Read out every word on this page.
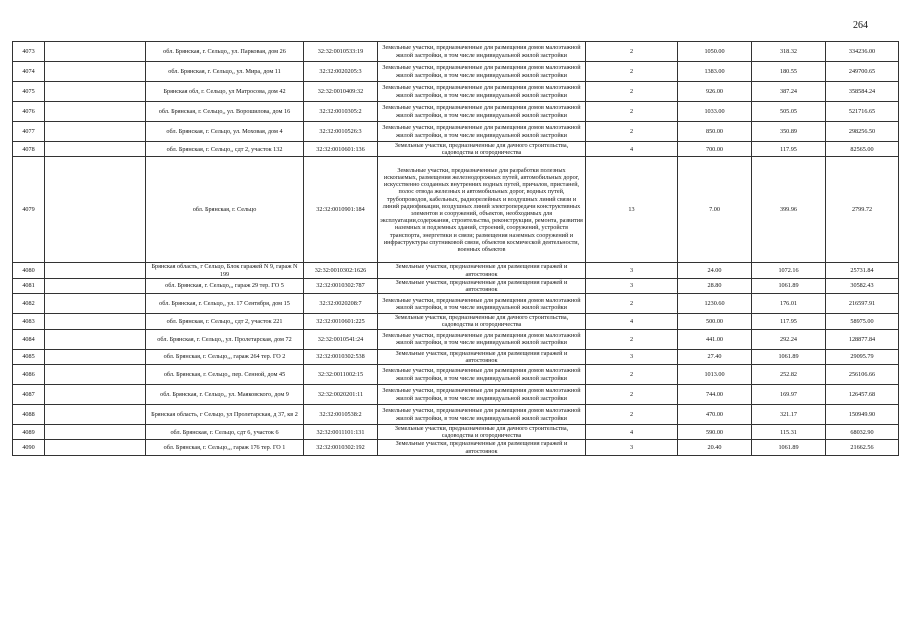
264
4073		обл. Брянская, г. Сельцо,, ул. Парковая, дом 26	32:32:0010533:19	Земельные участки, предназначенные для размещения домов малоэтажной жилой застройки, в том числе индивидуальной жилой застройки	2	1050.00	318.32	334236.00
4074		обл. Брянская, г. Сельцо,, ул. Мира, дом 11	32:32:0020205:3	Земельные участки, предназначенные для размещения домов малоэтажной жилой застройки, в том числе индивидуальной жилой застройки	2	1383.00	180.55	249700.65
4075		Брянская обл, г. Сельцо, ул Матросова, дом 42	32:32:0010409:32	Земельные участки, предназначенные для размещения домов малоэтажной жилой застройки, в том числе индивидуальной жилой застройки	2	926.00	387.24	358584.24
4076		обл. Брянская, г. Сельцо,, ул. Ворошилова, дом 16	32:32:0010305:2	Земельные участки, предназначенные для размещения домов малоэтажной жилой застройки, в том числе индивидуальной жилой застройки	2	1033.00	505.05	521716.65
4077		обл. Брянская, г. Сельцо, ул. Моховая, дом 4	32:32:0010526:3	Земельные участки, предназначенные для размещения домов малоэтажной жилой застройки, в том числе индивидуальной жилой застройки	2	850.00	350.89	298256.50
4078		обл. Брянская, г. Сельцо,, сдт 2, участок 132	32:32:0010601:136	Земельные участки, предназначенные для дачного строительства, садоводства и огородничества	4	700.00	117.95	82565.00
4079		обл. Брянская, г. Сельцо	32:32:0010901:184	Земельные участки, предназначенные для разработки полезных ископаемых, размещения железнодорожных путей, автомобильных дорог, искусственно созданных внутренних водных путей, причалов, пристаней, полос отвода железных и автомобильных дорог, водных путей, трубопроводов, кабельных, радиорелейных и воздушных линий связи и линий радиофикации, воздушных линий электропередачи конструктивных элементов и сооружений, объектов, необходимых для эксплуатации,содержания, строительства, реконструкции, ремонта, развития наземных и подземных зданий, строений, сооружений, устройств транспорта, энергетики и связи; размещения наземных сооружений и инфраструктуры спутниковой связи, объектов космической деятельности, военных объектов	13	7.00	399.96	2799.72
4080		Брянская область, г Сельцо, Блок гаражей N 9, гараж N 199	32:32:0010302:1626	Земельные участки, предназначенные для размещения гаражей и автостоянок	3	24.00	1072.16	25731.84
4081		обл. Брянская, г. Сельцо,,, гараж 29 тер. ГО 5	32:32:0010302:787	Земельные участки, предназначенные для размещения гаражей и автостоянок	3	28.80	1061.89	30582.43
4082		обл. Брянская, г. Сельцо,, ул. 17 Сентября, дом 15	32:32:0020208:7	Земельные участки, предназначенные для размещения домов малоэтажной жилой застройки, в том числе индивидуальной жилой застройки	2	1230.60	176.01	216597.91
4083		обл. Брянская, г. Сельцо,, сдт 2, участок 221	32:32:0010601:225	Земельные участки, предназначенные для дачного строительства, садоводства и огородничества	4	500.00	117.95	58975.00
4084		обл. Брянская, г. Сельцо,, ул. Пролетарская, дом 72	32:32:0010541:24	Земельные участки, предназначенные для размещения домов малоэтажной жилой застройки, в том числе индивидуальной жилой застройки	2	441.00	292.24	128877.84
4085		обл. Брянская, г. Сельцо,,, гараж 264 тер. ГО 2	32:32:0010302:538	Земельные участки, предназначенные для размещения гаражей и автостоянок	3	27.40	1061.89	29095.79
4086		обл. Брянская, г. Сельцо,, пер. Сенной, дом 45	32:32:0011002:15	Земельные участки, предназначенные для размещения домов малоэтажной жилой застройки, в том числе индивидуальной жилой застройки	2	1013.00	252.82	256106.66
4087		обл. Брянская, г. Сельцо,, ул. Маяковского, дом 9	32:32:0020201:11	Земельные участки, предназначенные для размещения домов малоэтажной жилой застройки, в том числе индивидуальной жилой застройки	2	744.00	169.97	126457.68
4088		Брянская область, г Сельцо, ул Пролетарская, д 37, кв 2	32:32:0010538:2	Земельные участки, предназначенные для размещения домов малоэтажной жилой застройки, в том числе индивидуальной жилой застройки	2	470.00	321.17	150949.90
4089		обл. Брянская, г. Сельцо, сдт 6, участок 6	32:32:0011101:131	Земельные участки, предназначенные для дачного строительства, садоводства и огородничества	4	590.00	115.31	68032.90
4090		обл. Брянская, г. Сельцо,,, гараж 176 тер. ГО 1	32:32:0010302:192	Земельные участки, предназначенные для размещения гаражей и автостоянок	3	20.40	1061.89	21662.56
